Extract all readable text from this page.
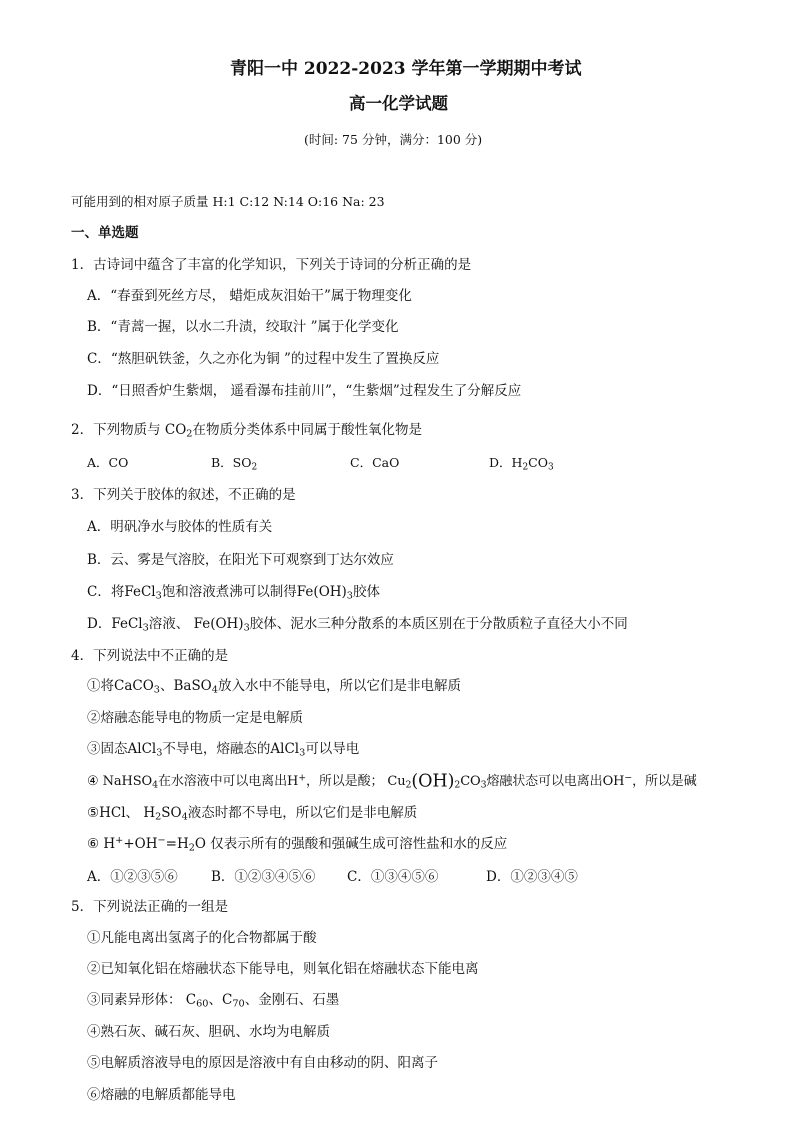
青阳一中 2022-2023 学年第一学期期中考试
高一化学试题
(时间: 75 分钟，满分：100 分)
可能用到的相对原子质量 H:1 C:12 N:14 O:16 Na: 23
一、单选题
1．古诗词中蕴含了丰富的化学知识，下列关于诗词的分析正确的是
A．“春蚕到死丝方尽， 蜡炬成灰泪始干”属于物理变化
B．“青蒿一握，以水二升渍，绞取汁 ”属于化学变化
C．“熬胆矾铁釜，久之亦化为铜 ”的过程中发生了置换反应
D．“日照香炉生紫烟， 遥看瀑布挂前川”，“生紫烟”过程发生了分解反应
2．下列物质与 $CO_2$在物质分类体系中同属于酸性氧化物是
A．CO	B．$SO_2$	C．CaO	D．$H_2CO_3$
3．下列关于胶体的叙述，不正确的是
A．明矾净水与胶体的性质有关
B．云、雾是气溶胶，在阳光下可观察到丁达尔效应
C．将FeCl$_3$饱和溶液煮沸可以制得$Fe(OH)_3$胶体
D．FeCl$_3$溶液、 $Fe(OH)_3$胶体、泥水三种分散系的本质区别在于分散质粒子直径大小不同
4．下列说法中不正确的是
①将CaCO$_3$、BaSO$_4$放入水中不能导电，所以它们是非电解质
②熔融态能导电的物质一定是电解质
③固态AlCl$_3$不导电，熔融态的AlCl$_3$可以导电
④ NaHSO$_4$在水溶液中可以电离出H+，所以是酸； $Cu_2(OH)_2CO_3$熔融状态可以电离出OH−，所以是碱
⑤HCl、 $H_2SO_4$液态时都不导电，所以它们是非电解质
⑥ $H^++OH^-=H_2O$ 仅表示所有的强酸和强碱生成可溶性盐和水的反应
A．①②③⑤⑥ B．①②③④⑤⑥ C．①③④⑤⑥	D．①②③④⑤
5．下列说法正确的一组是
①凡能电离出氢离子的化合物都属于酸
②已知氧化铝在熔融状态下能导电，则氧化铝在熔融状态下能电离
③同素异形体： $C_{60}$、$C_{70}$、金刚石、石墨
④熟石灰、碱石灰、胆矾、水均为电解质
⑤电解质溶液导电的原因是溶液中有自由移动的阴、阳离子
⑥熔融的电解质都能导电
